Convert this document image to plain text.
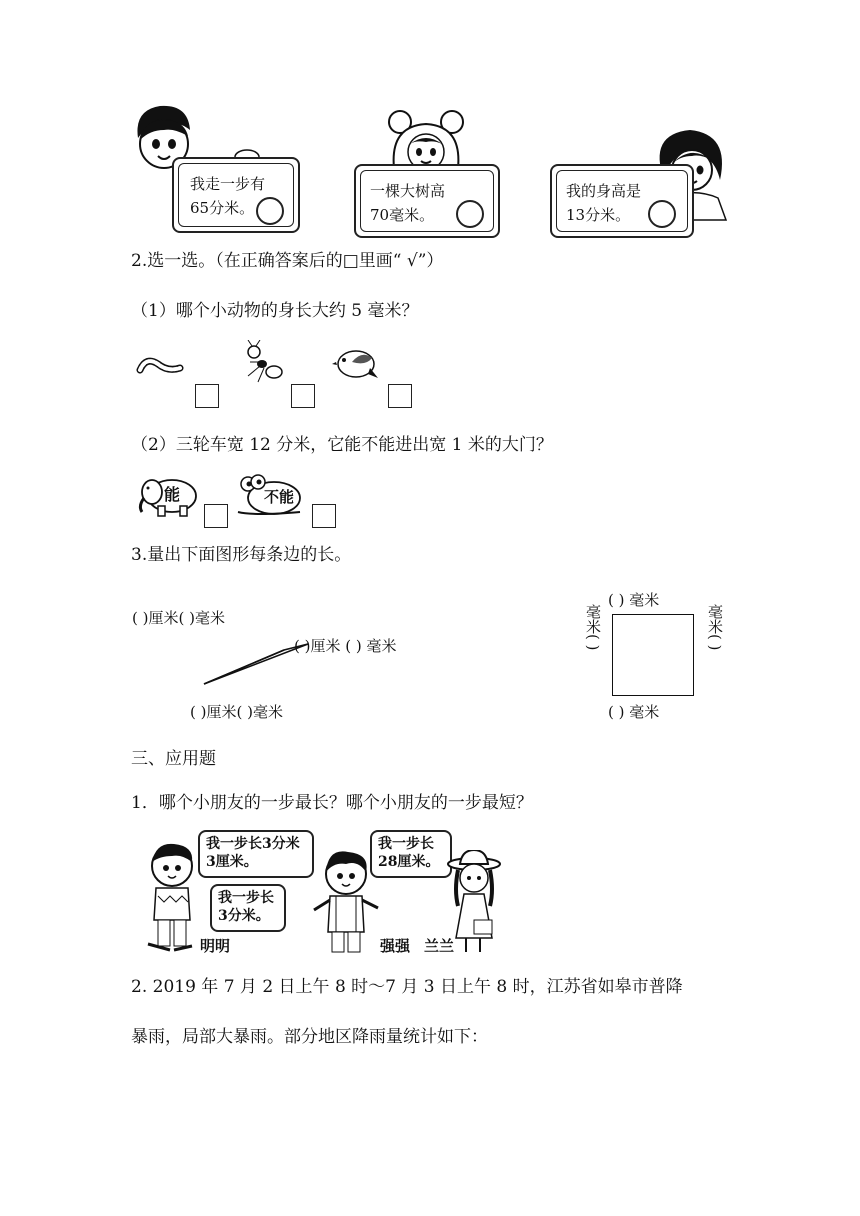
我走一步有
65分米。
一棵大树高
70毫米。
我的身高是
13分米。
2.选一选。（在正确答案后的□里画“ √”）
（1）哪个小动物的身长大约 5 毫米？
（2）三轮车宽 12 分米，它能不能进出宽 1 米的大门？
能	不能
3.量出下面图形每条边的长。
( )厘米( )毫米
( )厘米 ( ) 毫米
( )厘米( )毫米
( ) 毫米
( ) 毫米
毫米( )	毫米( )
三、应用题
1．哪个小朋友的一步最长？哪个小朋友的一步最短？
我一步长3分米
3厘米。
我一步长
3分米。
明明
我一步长
28厘米。
强强 兰兰
2. 2019 年 7 月 2 日上午 8 时～7 月 3 日上午 8 时，江苏省如皋市普降
暴雨，局部大暴雨。部分地区降雨量统计如下：
